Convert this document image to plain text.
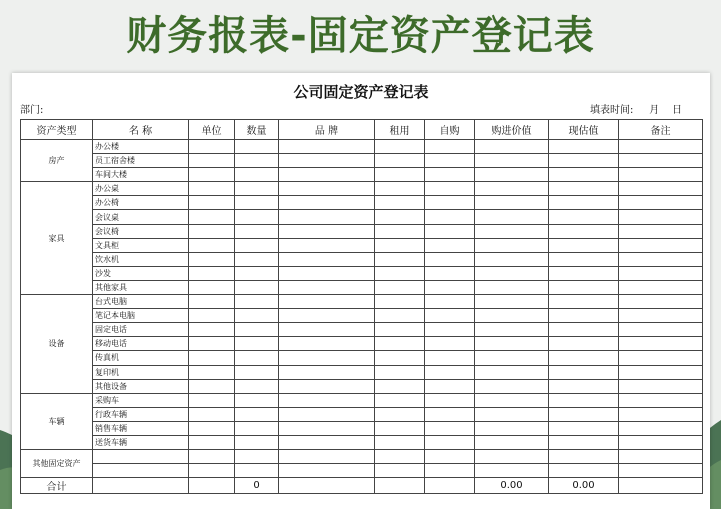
财务报表-固定资产登记表
公司固定资产登记表
部门:	填表时间: 月 日
资产类型	名 称	单位	数量	品 牌	租用	自购	购进价值	现估值	备注
房产	办公楼								
	员工宿舍楼								
	车间大楼								
家具	办公桌								
	办公椅								
	会议桌								
	会议椅								
	文具柜								
	饮水机								
	沙发								
	其他家具								
设备	台式电脑								
	笔记本电脑								
	固定电话								
	移动电话								
	传真机								
	复印机								
	其他设备								
车辆	采购车								
	行政车辆								
	销售车辆								
	送货车辆								
其他固定资产									

合计			0				0.00	0.00	
